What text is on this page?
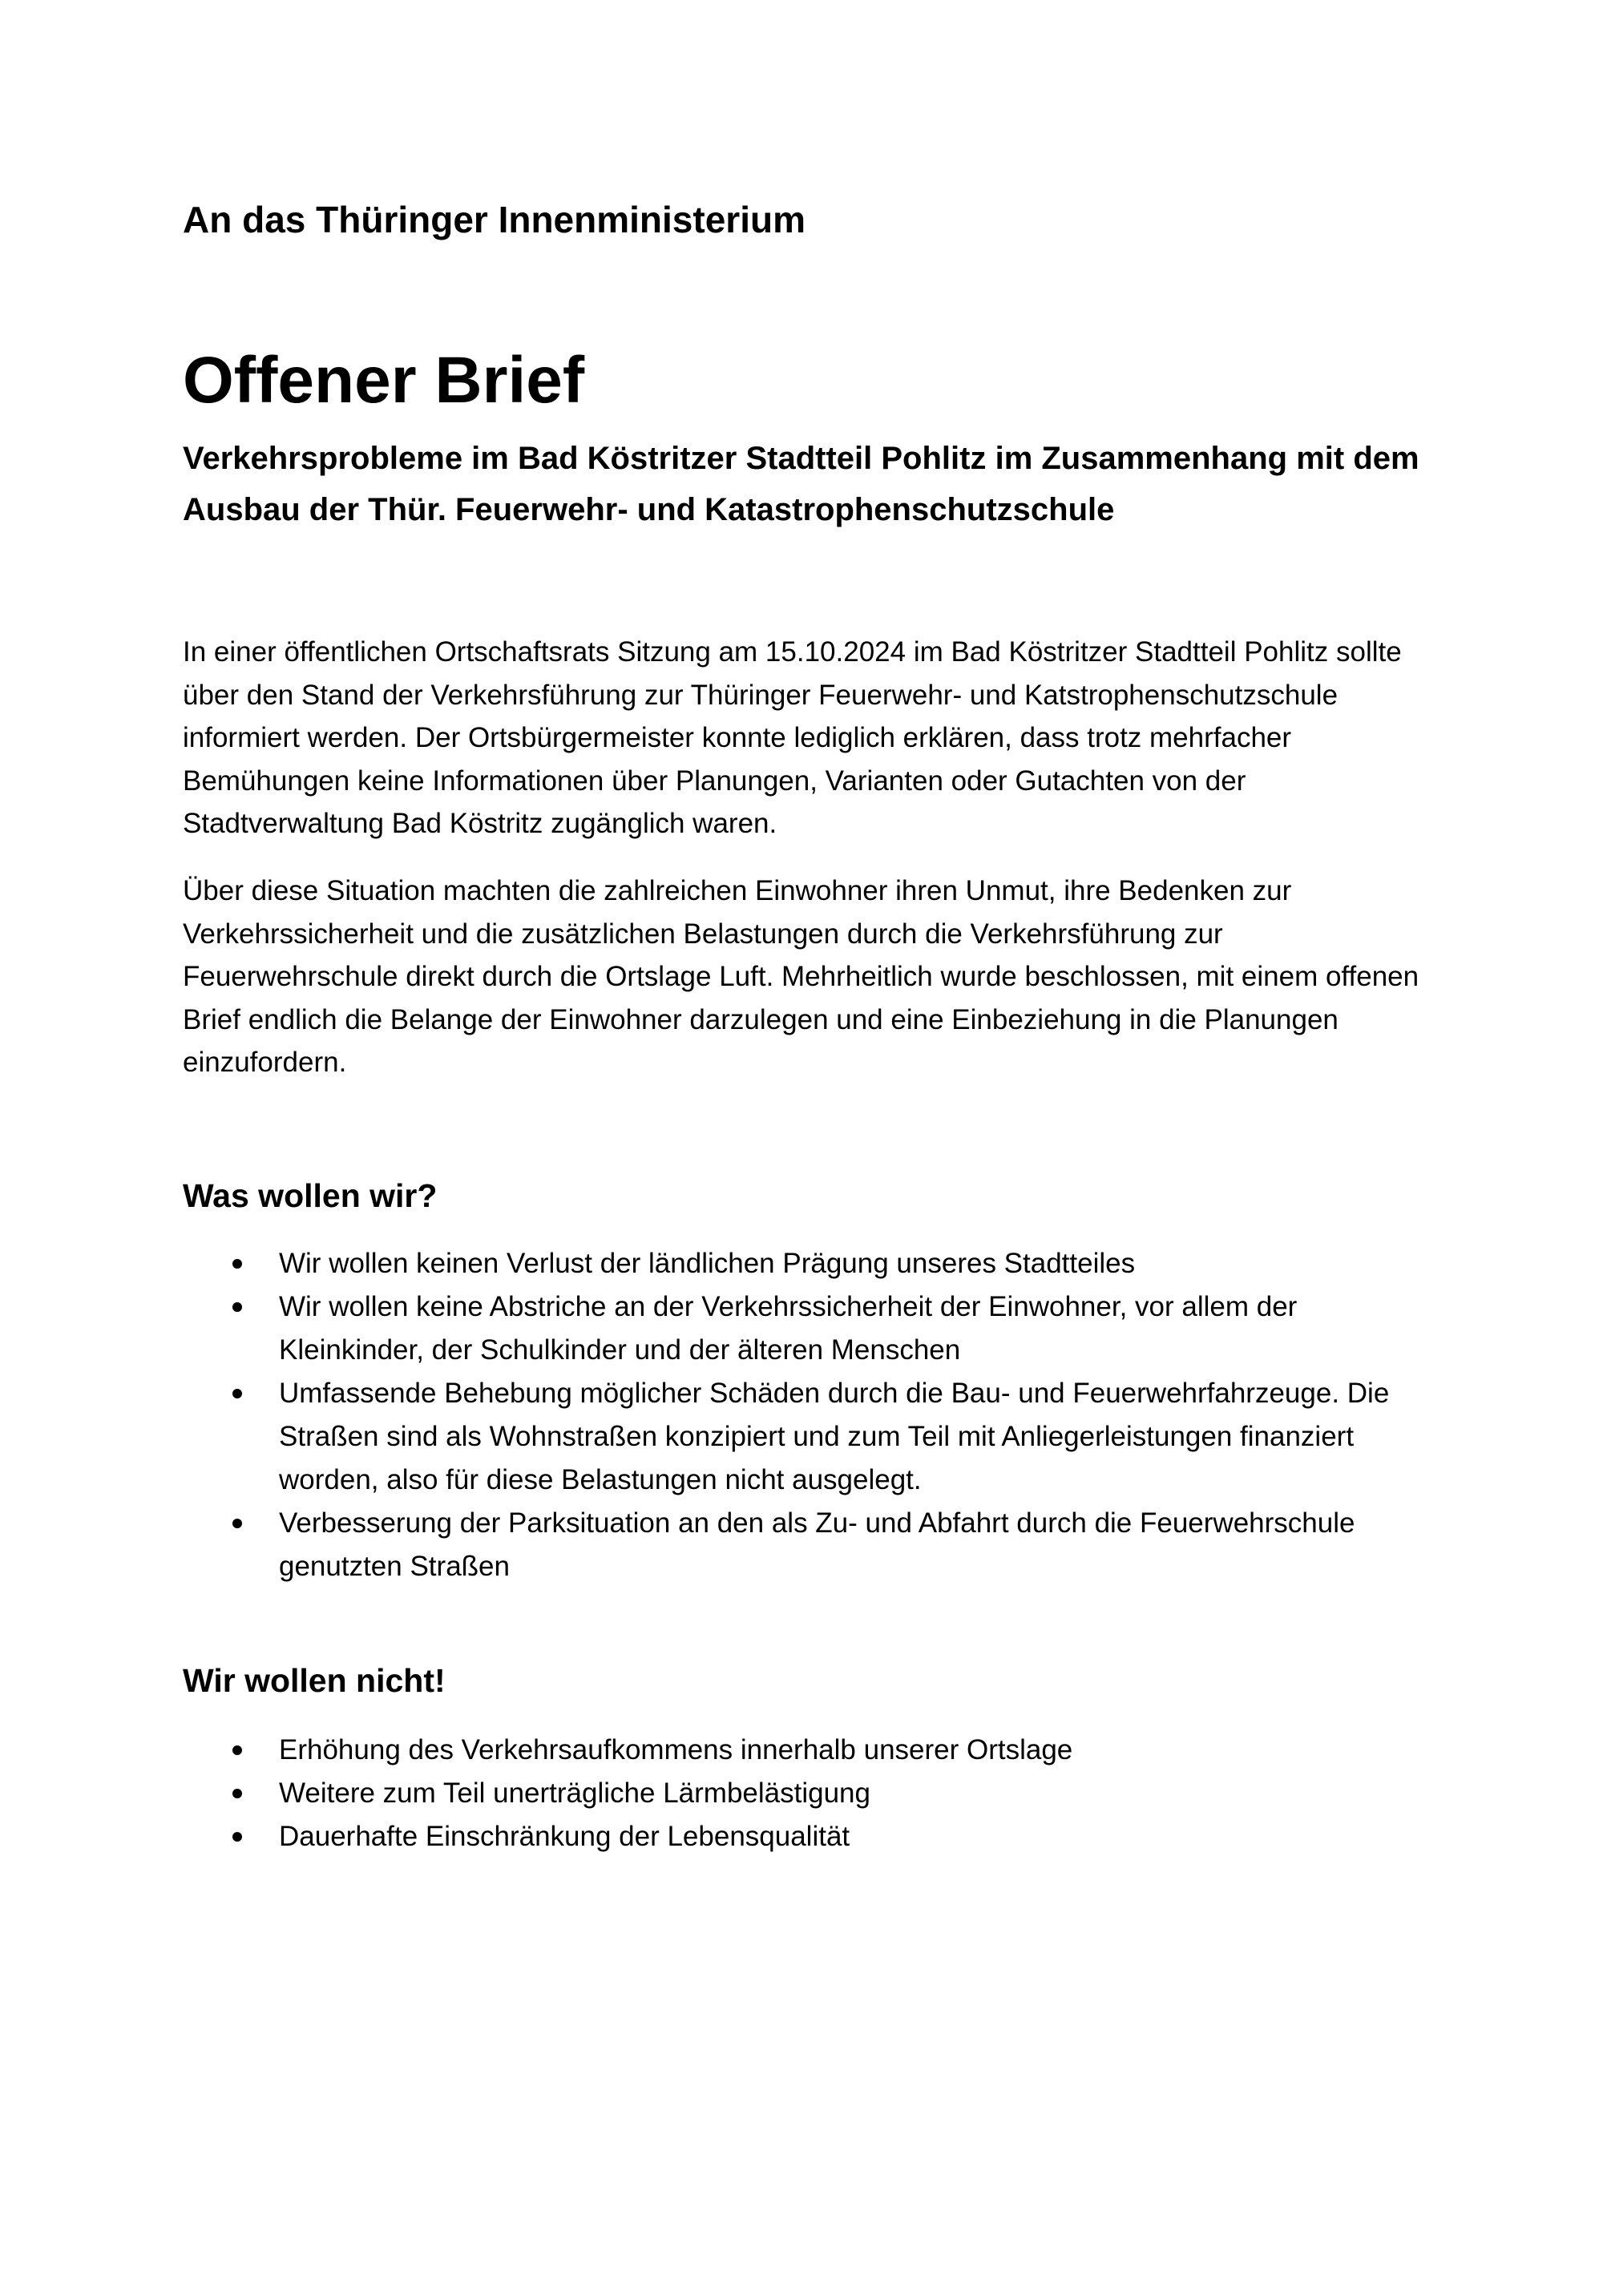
An das Thüringer Innenministerium
Offener Brief

Verkehrsprobleme im Bad Köstritzer Stadtteil Pohlitz im Zusammenhang mit dem Ausbau der Thür. Feuerwehr- und Katastrophenschutzschule

In einer öffentlichen Ortschaftsrats Sitzung am 15.10.2024 im Bad Köstritzer Stadtteil Pohlitz sollte über den Stand der Verkehrsführung zur Thüringer Feuerwehr- und Katstrophenschutzschule informiert werden. Der Ortsbürgermeister konnte lediglich erklären, dass trotz mehrfacher Bemühungen keine Informationen über Planungen, Varianten oder Gutachten von der Stadtverwaltung Bad Köstritz zugänglich waren.

Über diese Situation machten die zahlreichen Einwohner ihren Unmut, ihre Bedenken zur Verkehrssicherheit und die zusätzlichen Belastungen durch die Verkehrsführung zur Feuerwehrschule direkt durch die Ortslage Luft. Mehrheitlich wurde beschlossen, mit einem offenen Brief endlich die Belange der Einwohner darzulegen und eine Einbeziehung in die Planungen einzufordern.

Was wollen wir?
Wir wollen keinen Verlust der ländlichen Prägung unseres Stadtteiles
Wir wollen keine Abstriche an der Verkehrssicherheit der Einwohner, vor allem der Kleinkinder, der Schulkinder und der älteren Menschen
Umfassende Behebung möglicher Schäden durch die Bau- und Feuerwehrfahrzeuge. Die Straßen sind als Wohnstraßen konzipiert und zum Teil mit Anliegerleistungen finanziert worden, also für diese Belastungen nicht ausgelegt.
Verbesserung der Parksituation an den als Zu- und Abfahrt durch die Feuerwehrschule genutzten Straßen
Wir wollen nicht!
Erhöhung des Verkehrsaufkommens innerhalb unserer Ortslage
Weitere zum Teil unerträgliche Lärmbelästigung
Dauerhafte Einschränkung der Lebensqualität
